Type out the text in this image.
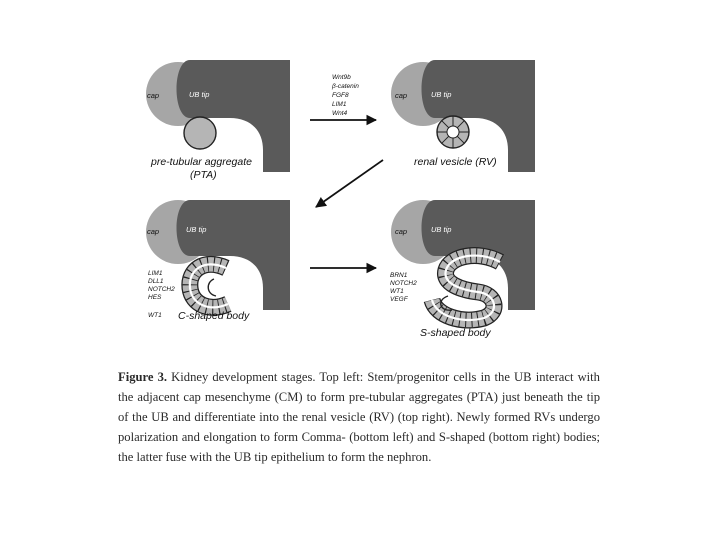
cap	UB tip
pre-tubular aggregate
(PTA)
cap	UB tip
renal vesicle (RV)
cap	UB tip
LIM1
DLL1
NOTCH2
HES
WT1 C-shaped body
cap	UB tip
BRN1
NOTCH2
WT1
VEGF
S-shaped body
Wnt9b
β-catenin
FGF8
LIM1
Wnt4
Figure 3. Kidney development stages. Top left: Stem/progenitor cells in the UB interact with the adjacent cap mesenchyme (CM) to form pre-tubular aggregates (PTA) just beneath the tip of the UB and differentiate into the renal vesicle (RV) (top right). Newly formed RVs undergo polarization and elongation to form Comma- (bottom left) and S-shaped (bottom right) bodies; the latter fuse with the UB tip epithelium to form the nephron.
